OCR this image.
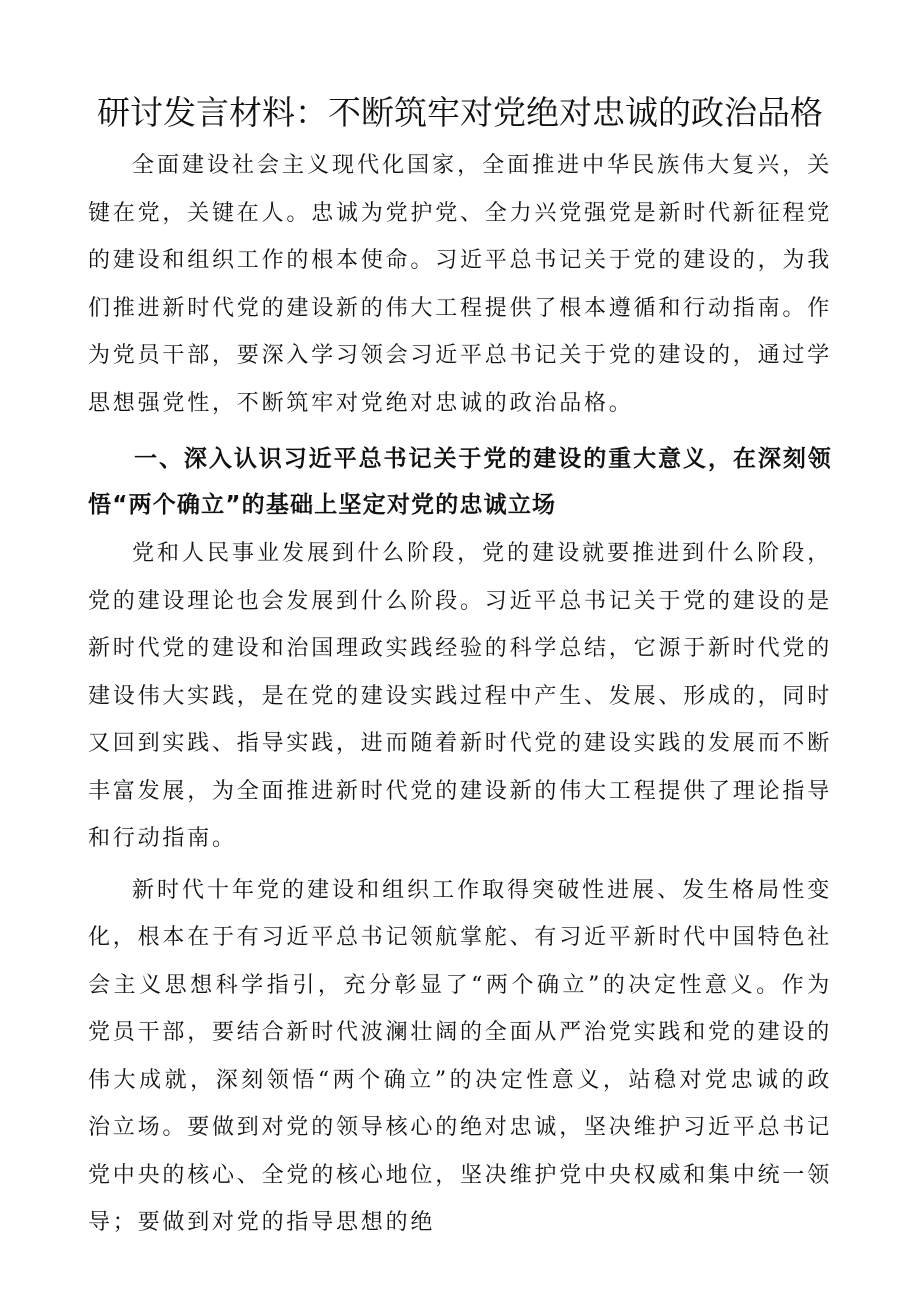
研讨发言材料：不断筑牢对党绝对忠诚的政治品格

全面建设社会主义现代化国家，全面推进中华民族伟大复兴，关键在党，关键在人。忠诚为党护党、全力兴党强党是新时代新征程党的建设和组织工作的根本使命。习近平总书记关于党的建设的，为我们推进新时代党的建设新的伟大工程提供了根本遵循和行动指南。作为党员干部，要深入学习领会习近平总书记关于党的建设的，通过学思想强党性，不断筑牢对党绝对忠诚的政治品格。

一、深入认识习近平总书记关于党的建设的重大意义，在深刻领悟“两个确立”的基础上坚定对党的忠诚立场

党和人民事业发展到什么阶段，党的建设就要推进到什么阶段，党的建设理论也会发展到什么阶段。习近平总书记关于党的建设的是新时代党的建设和治国理政实践经验的科学总结，它源于新时代党的建设伟大实践，是在党的建设实践过程中产生、发展、形成的，同时又回到实践、指导实践，进而随着新时代党的建设实践的发展而不断丰富发展，为全面推进新时代党的建设新的伟大工程提供了理论指导和行动指南。

新时代十年党的建设和组织工作取得突破性进展、发生格局性变化，根本在于有习近平总书记领航掌舵、有习近平新时代中国特色社会主义思想科学指引，充分彰显了“两个确立”的决定性意义。作为党员干部，要结合新时代波澜壮阔的全面从严治党实践和党的建设的伟大成就，深刻领悟“两个确立”的决定性意义，站稳对党忠诚的政治立场。要做到对党的领导核心的绝对忠诚，坚决维护习近平总书记党中央的核心、全党的核心地位，坚决维护党中央权威和集中统一领导；要做到对党的指导思想的绝
